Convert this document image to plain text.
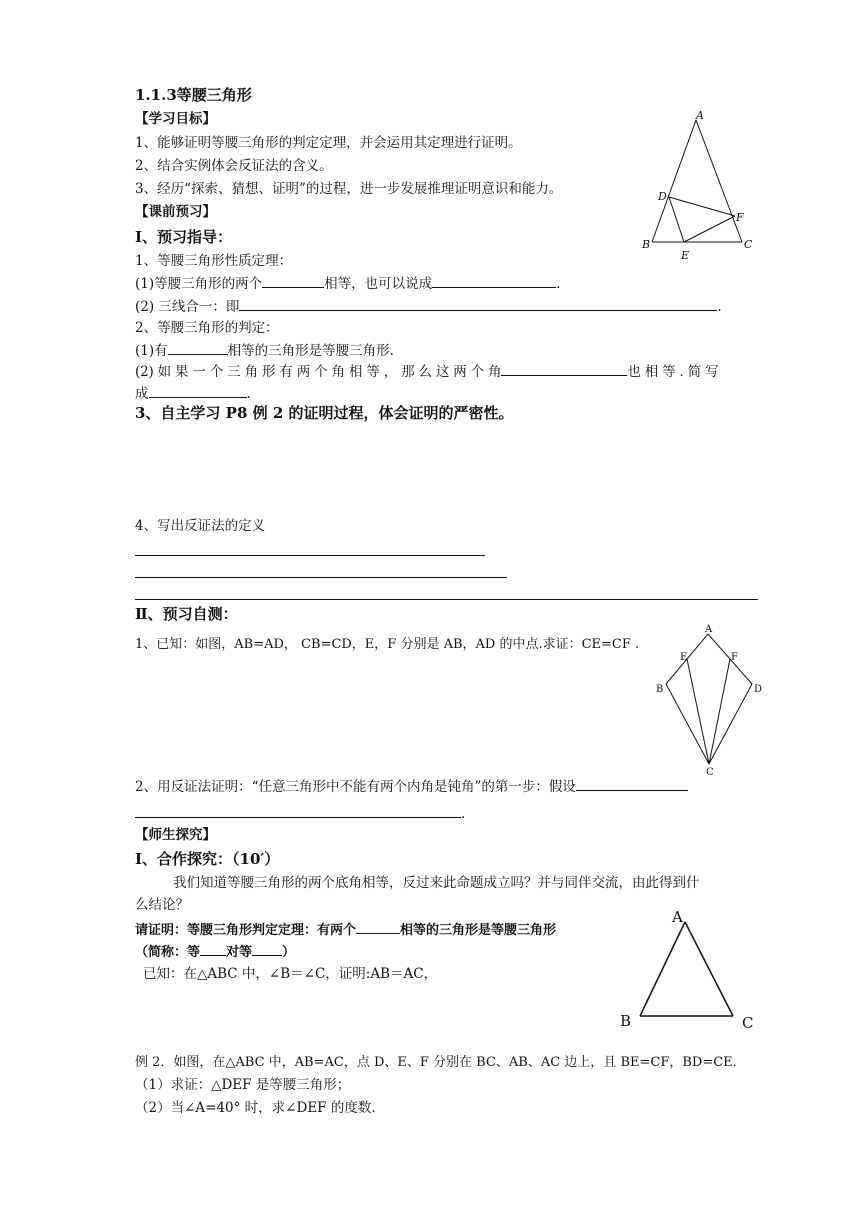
1.1.3等腰三角形
【学习目标】
1、能够证明等腰三角形的判定定理，并会运用其定理进行证明。
2、结合实例体会反证法的含义。
3、经历“探索、猜想、证明”的过程，进一步发展推理证明意识和能力。
A
B	C
D
E
F
【课前预习】
Ⅰ、预习指导：
1、等腰三角形性质定理：
(1)等腰三角形的两个	相等，也可以说成	.
(2) 三线合一：即	.
2、等腰三角形的判定：
(1)有	相等的三角形是等腰三角形.
(2) 如 果 一 个 三 角 形 有 两 个 角 相 等 ， 那 么 这 两 个 角	也 相 等 . 简 写
成	.
3、自主学习 P8 例 2 的证明过程，体会证明的严密性。
4、写出反证法的定义
Ⅱ、预习自测：
1、已知：如图，AB=AD， CB=CD，E，F 分别是 AB，AD 的中点.求证：CE=CF .
A
B
C
D
E	F
2、用反证法证明：“任意三角形中不能有两个内角是钝角”的第一步：假设
.
【师生探究】
Ⅰ、合作探究：（10′）
我们知道等腰三角形的两个底角相等，反过来此命题成立吗？并与同伴交流，由此得到什
么结论？
请证明：等腰三角形判定定理：有两个	相等的三角形是等腰三角形
（简称：等 对等 ）
已知：在△ABC 中，∠B＝∠C，证明:AB＝AC，
A
B	C
例 2．如图，在△ABC 中，AB=AC，点 D、E、F 分别在 BC、AB、AC 边上，且 BE=CF，BD=CE．
（1）求证：△DEF 是等腰三角形；
（2）当∠A=40° 时，求∠DEF 的度数．
